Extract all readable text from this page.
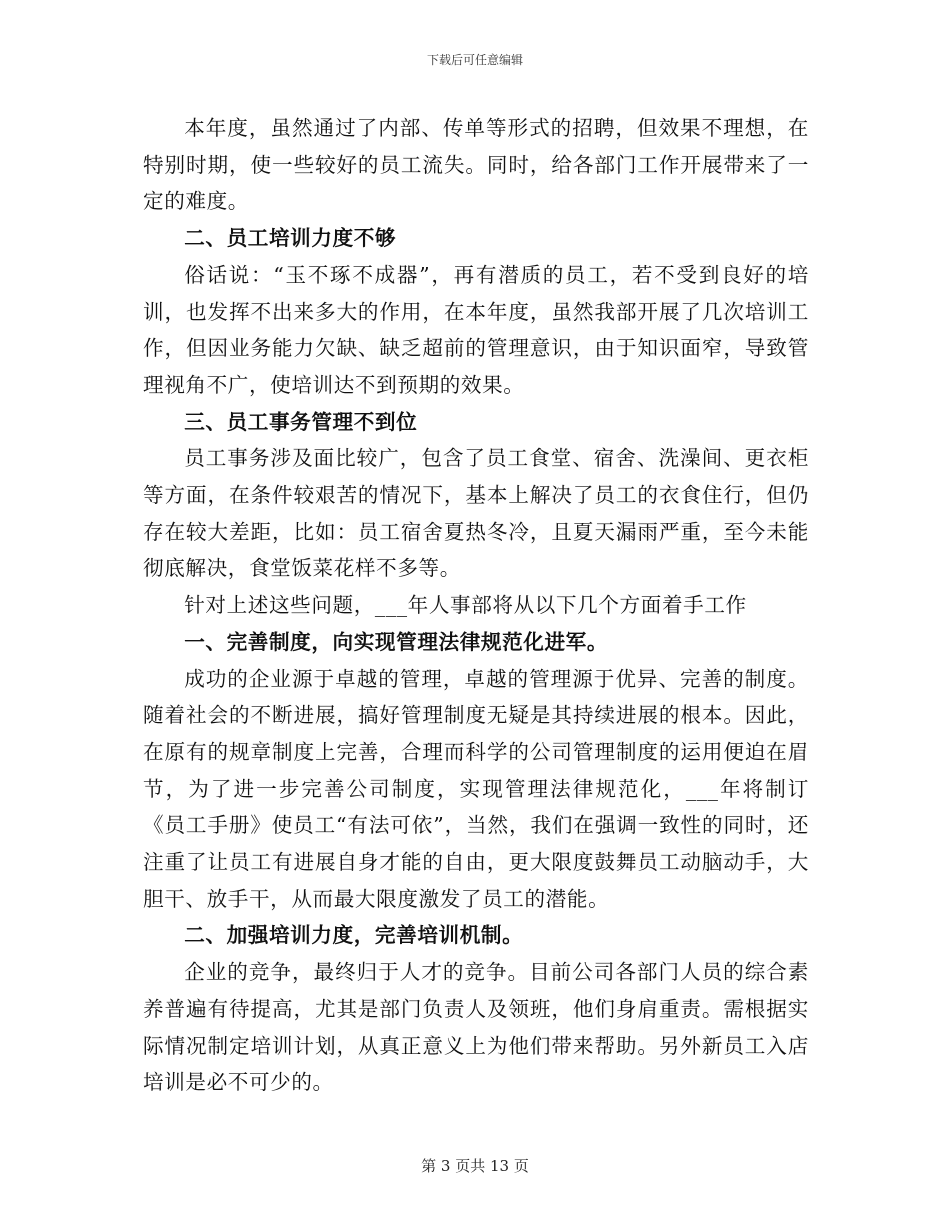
下载后可任意编辑

本年度，虽然通过了内部、传单等形式的招聘，但效果不理想，在特别时期，使一些较好的员工流失。同时，给各部门工作开展带来了一定的难度。

二、员工培训力度不够

俗话说：“玉不琢不成器”，再有潜质的员工，若不受到良好的培训，也发挥不出来多大的作用，在本年度，虽然我部开展了几次培训工作，但因业务能力欠缺、缺乏超前的管理意识，由于知识面窄，导致管理视角不广，使培训达不到预期的效果。

三、员工事务管理不到位

员工事务涉及面比较广，包含了员工食堂、宿舍、洗澡间、更衣柜等方面，在条件较艰苦的情况下，基本上解决了员工的衣食住行，但仍存在较大差距，比如：员工宿舍夏热冬冷，且夏天漏雨严重，至今未能彻底解决，食堂饭菜花样不多等。

针对上述这些问题，___年人事部将从以下几个方面着手工作

一、完善制度，向实现管理法律规范化进军。

成功的企业源于卓越的管理，卓越的管理源于优异、完善的制度。随着社会的不断进展，搞好管理制度无疑是其持续进展的根本。因此，在原有的规章制度上完善，合理而科学的公司管理制度的运用便迫在眉节，为了进一步完善公司制度，实现管理法律规范化，___年将制订《员工手册》使员工“有法可依”，当然，我们在强调一致性的同时，还注重了让员工有进展自身才能的自由，更大限度鼓舞员工动脑动手，大胆干、放手干，从而最大限度激发了员工的潜能。

二、加强培训力度，完善培训机制。

企业的竞争，最终归于人才的竞争。目前公司各部门人员的综合素养普遍有待提高，尤其是部门负责人及领班，他们身肩重责。需根据实际情况制定培训计划，从真正意义上为他们带来帮助。另外新员工入店培训是必不可少的。

第 3 页共 13 页
